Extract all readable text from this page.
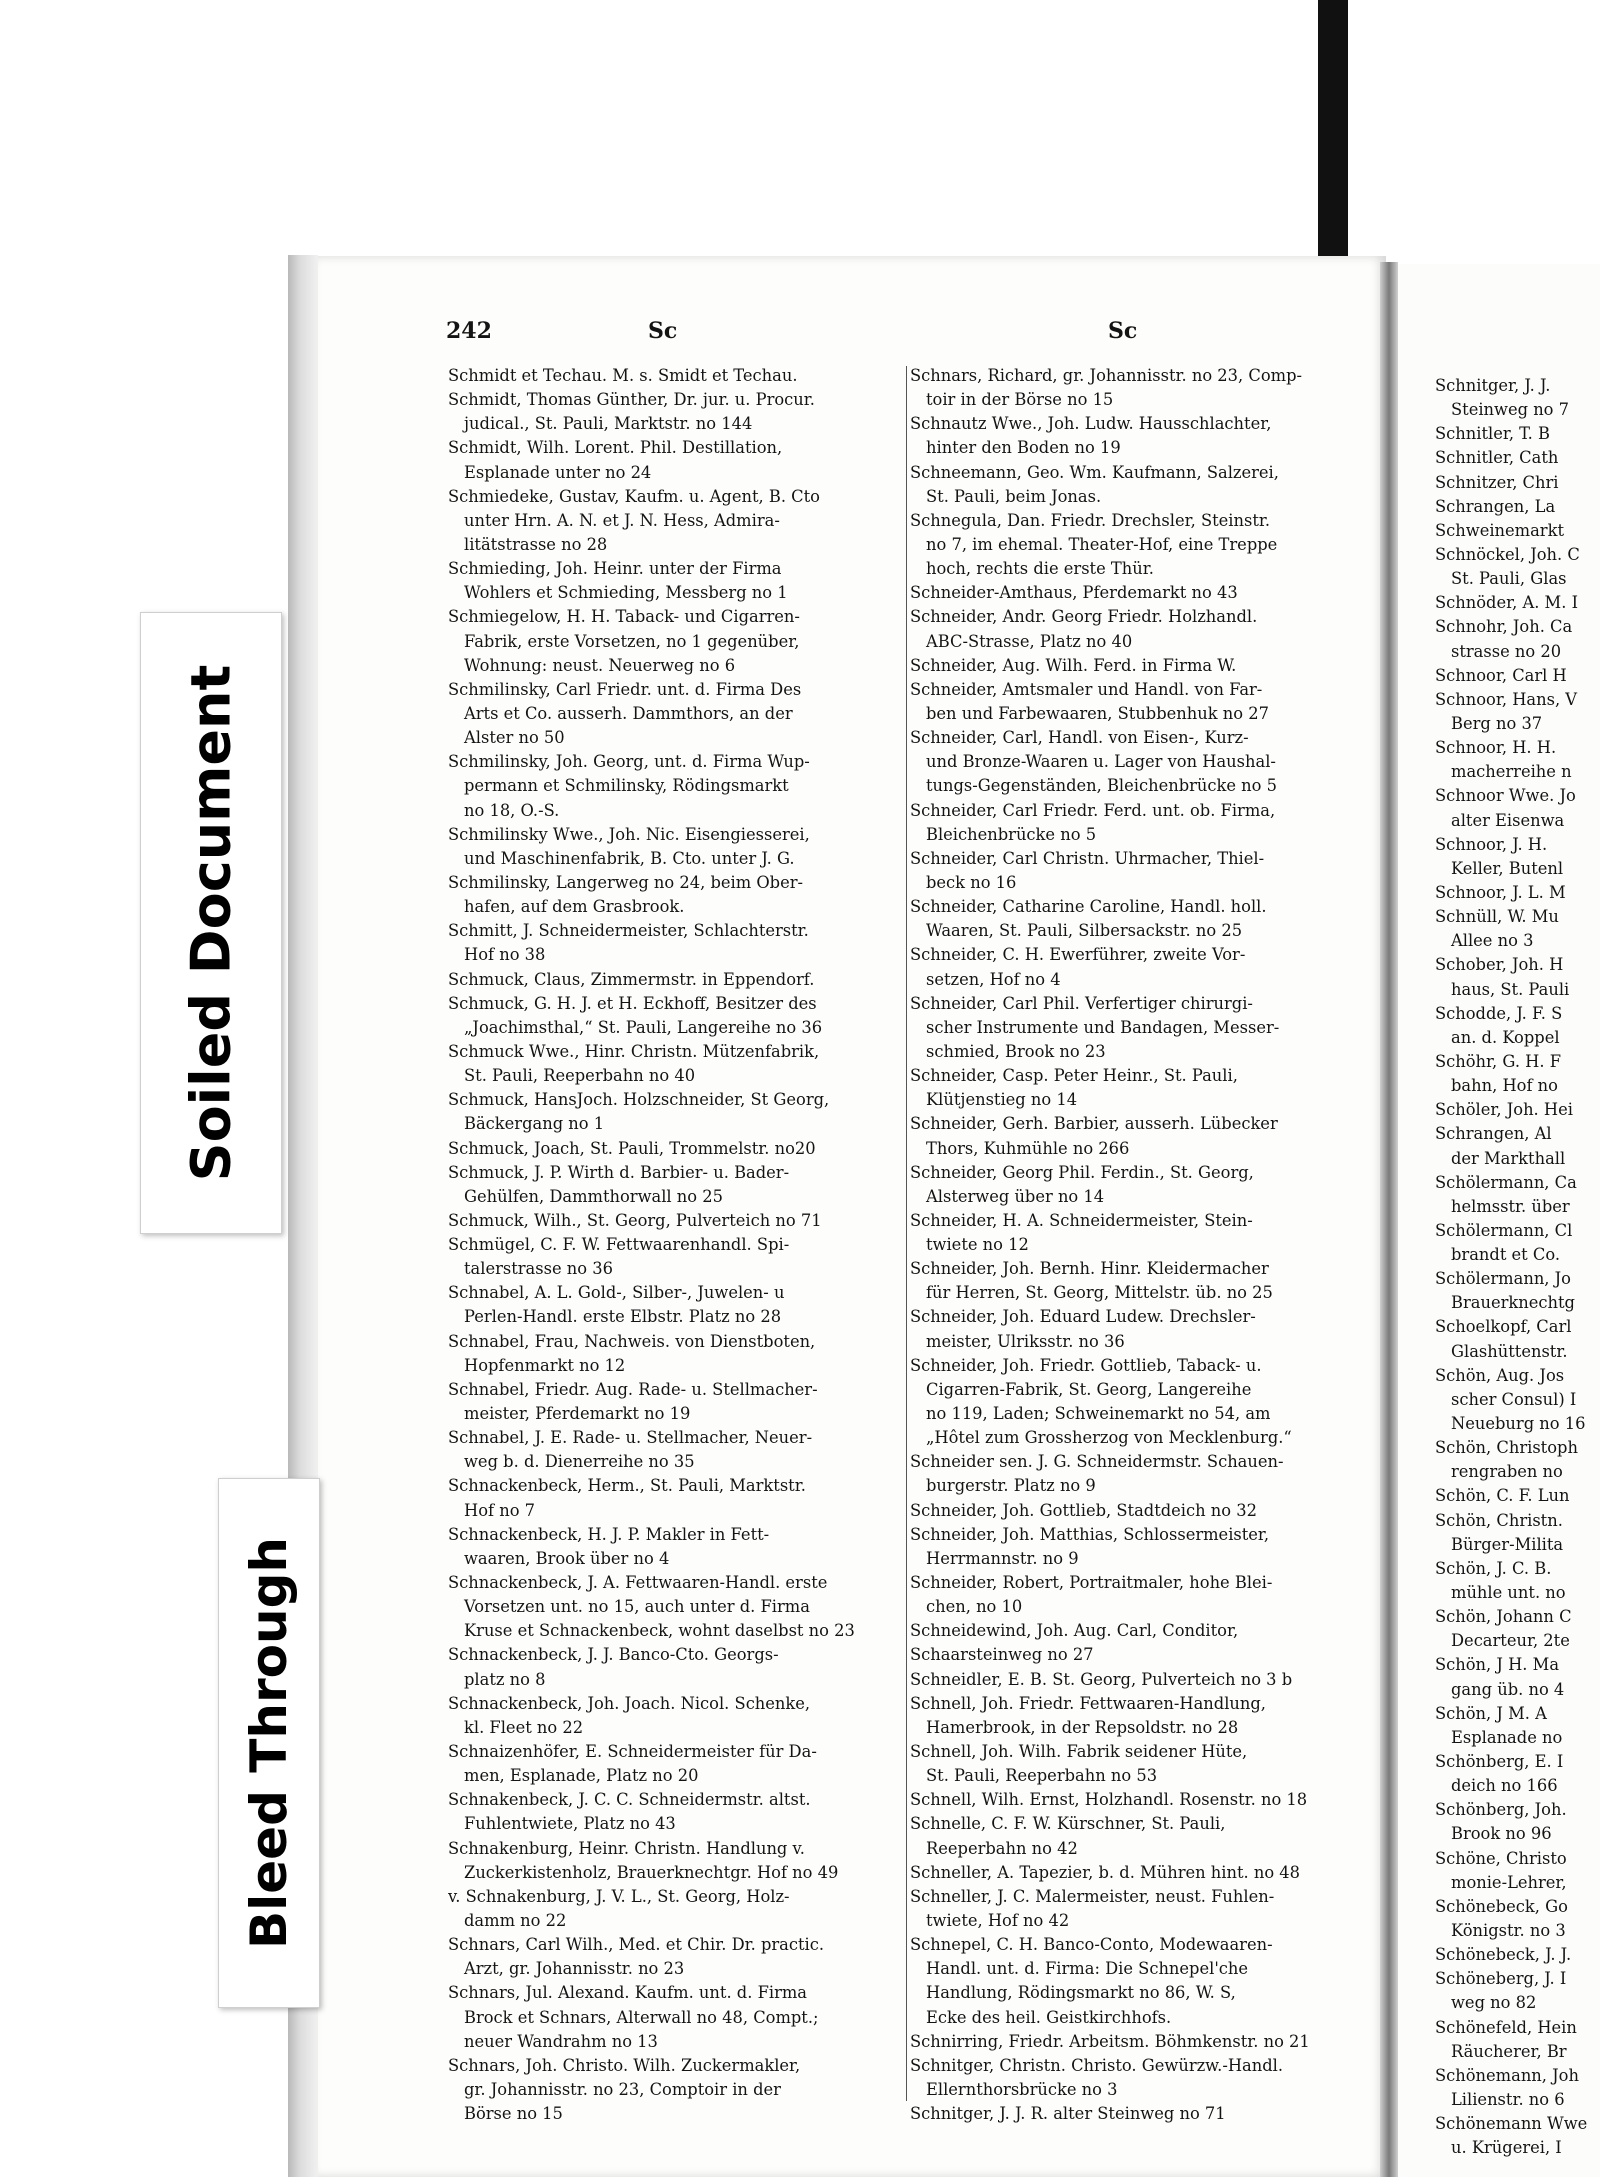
242	Sc	Sc
Schmidt et Techau. M. s. Smidt et Techau.
Schmidt, Thomas Günther, Dr. jur. u. Procur.
judical., St. Pauli, Marktstr. no 144
Schmidt, Wilh. Lorent. Phil. Destillation,
Esplanade unter no 24
Schmiedeke, Gustav, Kaufm. u. Agent, B. Cto
unter Hrn. A. N. et J. N. Hess, Admira-
litätstrasse no 28
Schmieding, Joh. Heinr. unter der Firma
Wohlers et Schmieding, Messberg no 1
Schmiegelow, H. H. Taback- und Cigarren-
Fabrik, erste Vorsetzen, no 1 gegenüber,
Wohnung: neust. Neuerweg no 6
Schmilinsky, Carl Friedr. unt. d. Firma Des
Arts et Co. ausserh. Dammthors, an der
Alster no 50
Schmilinsky, Joh. Georg, unt. d. Firma Wup-
permann et Schmilinsky, Rödingsmarkt
no 18, O.-S.
Schmilinsky Wwe., Joh. Nic. Eisengiesserei,
und Maschinenfabrik, B. Cto. unter J. G.
Schmilinsky, Langerweg no 24, beim Ober-
hafen, auf dem Grasbrook.
Schmitt, J. Schneidermeister, Schlachterstr.
Hof no 38
Schmuck, Claus, Zimmermstr. in Eppendorf.
Schmuck, G. H. J. et H. Eckhoff, Besitzer des
„Joachimsthal,“ St. Pauli, Langereihe no 36
Schmuck Wwe., Hinr. Christn. Mützenfabrik,
St. Pauli, Reeperbahn no 40
Schmuck, HansJoch. Holzschneider, St Georg,
Bäckergang no 1
Schmuck, Joach, St. Pauli, Trommelstr. no20
Schmuck, J. P. Wirth d. Barbier- u. Bader-
Gehülfen, Dammthorwall no 25
Schmuck, Wilh., St. Georg, Pulverteich no 71
Schmügel, C. F. W. Fettwaarenhandl. Spi-
talerstrasse no 36
Schnabel, A. L. Gold-, Silber-, Juwelen- u
Perlen-Handl. erste Elbstr. Platz no 28
Schnabel, Frau, Nachweis. von Dienstboten,
Hopfenmarkt no 12
Schnabel, Friedr. Aug. Rade- u. Stellmacher-
meister, Pferdemarkt no 19
Schnabel, J. E. Rade- u. Stellmacher, Neuer-
weg b. d. Dienerreihe no 35
Schnackenbeck, Herm., St. Pauli, Marktstr.
Hof no 7
Schnackenbeck, H. J. P. Makler in Fett-
waaren, Brook über no 4
Schnackenbeck, J. A. Fettwaaren-Handl. erste
Vorsetzen unt. no 15, auch unter d. Firma
Kruse et Schnackenbeck, wohnt daselbst no 23
Schnackenbeck, J. J. Banco-Cto. Georgs-
platz no 8
Schnackenbeck, Joh. Joach. Nicol. Schenke,
kl. Fleet no 22
Schnaizenhöfer, E. Schneidermeister für Da-
men, Esplanade, Platz no 20
Schnakenbeck, J. C. C. Schneidermstr. altst.
Fuhlentwiete, Platz no 43
Schnakenburg, Heinr. Christn. Handlung v.
Zuckerkistenholz, Brauerknechtgr. Hof no 49
v. Schnakenburg, J. V. L., St. Georg, Holz-
damm no 22
Schnars, Carl Wilh., Med. et Chir. Dr. practic.
Arzt, gr. Johannisstr. no 23
Schnars, Jul. Alexand. Kaufm. unt. d. Firma
Brock et Schnars, Alterwall no 48, Compt.;
neuer Wandrahm no 13
Schnars, Joh. Christo. Wilh. Zuckermakler,
gr. Johannisstr. no 23, Comptoir in der
Börse no 15
Schnars, Richard, gr. Johannisstr. no 23, Comp-
toir in der Börse no 15
Schnautz Wwe., Joh. Ludw. Hausschlachter,
hinter den Boden no 19
Schneemann, Geo. Wm. Kaufmann, Salzerei,
St. Pauli, beim Jonas.
Schnegula, Dan. Friedr. Drechsler, Steinstr.
no 7, im ehemal. Theater-Hof, eine Treppe
hoch, rechts die erste Thür.
Schneider-Amthaus, Pferdemarkt no 43
Schneider, Andr. Georg Friedr. Holzhandl.
ABC-Strasse, Platz no 40
Schneider, Aug. Wilh. Ferd. in Firma W.
Schneider, Amtsmaler und Handl. von Far-
ben und Farbewaaren, Stubbenhuk no 27
Schneider, Carl, Handl. von Eisen-, Kurz-
und Bronze-Waaren u. Lager von Haushal-
tungs-Gegenständen, Bleichenbrücke no 5
Schneider, Carl Friedr. Ferd. unt. ob. Firma,
Bleichenbrücke no 5
Schneider, Carl Christn. Uhrmacher, Thiel-
beck no 16
Schneider, Catharine Caroline, Handl. holl.
Waaren, St. Pauli, Silbersackstr. no 25
Schneider, C. H. Ewerführer, zweite Vor-
setzen, Hof no 4
Schneider, Carl Phil. Verfertiger chirurgi-
scher Instrumente und Bandagen, Messer-
schmied, Brook no 23
Schneider, Casp. Peter Heinr., St. Pauli,
Klütjenstieg no 14
Schneider, Gerh. Barbier, ausserh. Lübecker
Thors, Kuhmühle no 266
Schneider, Georg Phil. Ferdin., St. Georg,
Alsterweg über no 14
Schneider, H. A. Schneidermeister, Stein-
twiete no 12
Schneider, Joh. Bernh. Hinr. Kleidermacher
für Herren, St. Georg, Mittelstr. üb. no 25
Schneider, Joh. Eduard Ludew. Drechsler-
meister, Ulriksstr. no 36
Schneider, Joh. Friedr. Gottlieb, Taback- u.
Cigarren-Fabrik, St. Georg, Langereihe
no 119, Laden; Schweinemarkt no 54, am
„Hôtel zum Grossherzog von Mecklenburg.“
Schneider sen. J. G. Schneidermstr. Schauen-
burgerstr. Platz no 9
Schneider, Joh. Gottlieb, Stadtdeich no 32
Schneider, Joh. Matthias, Schlossermeister,
Herrmannstr. no 9
Schneider, Robert, Portraitmaler, hohe Blei-
chen, no 10
Schneidewind, Joh. Aug. Carl, Conditor,
Schaarsteinweg no 27
Schneidler, E. B. St. Georg, Pulverteich no 3 b
Schnell, Joh. Friedr. Fettwaaren-Handlung,
Hamerbrook, in der Repsoldstr. no 28
Schnell, Joh. Wilh. Fabrik seidener Hüte,
St. Pauli, Reeperbahn no 53
Schnell, Wilh. Ernst, Holzhandl. Rosenstr. no 18
Schnelle, C. F. W. Kürschner, St. Pauli,
Reeperbahn no 42
Schneller, A. Tapezier, b. d. Mühren hint. no 48
Schneller, J. C. Malermeister, neust. Fuhlen-
twiete, Hof no 42
Schnepel, C. H. Banco-Conto, Modewaaren-
Handl. unt. d. Firma: Die Schnepel'che
Handlung, Rödingsmarkt no 86, W. S,
Ecke des heil. Geistkirchhofs.
Schnirring, Friedr. Arbeitsm. Böhmkenstr. no 21
Schnitger, Christn. Christo. Gewürzw.-Handl.
Ellernthorsbrücke no 3
Schnitger, J. J. R. alter Steinweg no 71
Schnitger, J. J.
Steinweg no 7
Schnitler, T. B
Schnitler, Cath
Schnitzer, Chri
Schrangen, La
Schweinemarkt
Schnöckel, Joh. C
St. Pauli, Glas
Schnöder, A. M. I
Schnohr, Joh. Ca
strasse no 20
Schnoor, Carl H
Schnoor, Hans, V
Berg no 37
Schnoor, H. H.
macherreihe n
Schnoor Wwe. Jo
alter Eisenwa
Schnoor, J. H.
Keller, Butenl
Schnoor, J. L. M
Schnüll, W. Mu
Allee no 3
Schober, Joh. H
haus, St. Pauli
Schodde, J. F. S
an. d. Koppel
Schöhr, G. H. F
bahn, Hof no
Schöler, Joh. Hei
Schrangen, Al
der Markthall
Schölermann, Ca
helmsstr. über
Schölermann, Cl
brandt et Co.
Schölermann, Jo
Brauerknechtg
Schoelkopf, Carl
Glashüttenstr.
Schön, Aug. Jos
scher Consul) I
Neueburg no 16
Schön, Christoph
rengraben no
Schön, C. F. Lun
Schön, Christn.
Bürger-Milita
Schön, J. C. B.
mühle unt. no
Schön, Johann C
Decarteur, 2te
Schön, J H. Ma
gang üb. no 4
Schön, J M. A
Esplanade no
Schönberg, E. I
deich no 166
Schönberg, Joh.
Brook no 96
Schöne, Christo
monie-Lehrer,
Schönebeck, Go
Königstr. no 3
Schönebeck, J. J.
Schöneberg, J. I
weg no 82
Schönefeld, Hein
Räucherer, Br
Schönemann, Joh
Lilienstr. no 6
Schönemann Wwe
u. Krügerei, I
Soiled Document
Bleed Through
